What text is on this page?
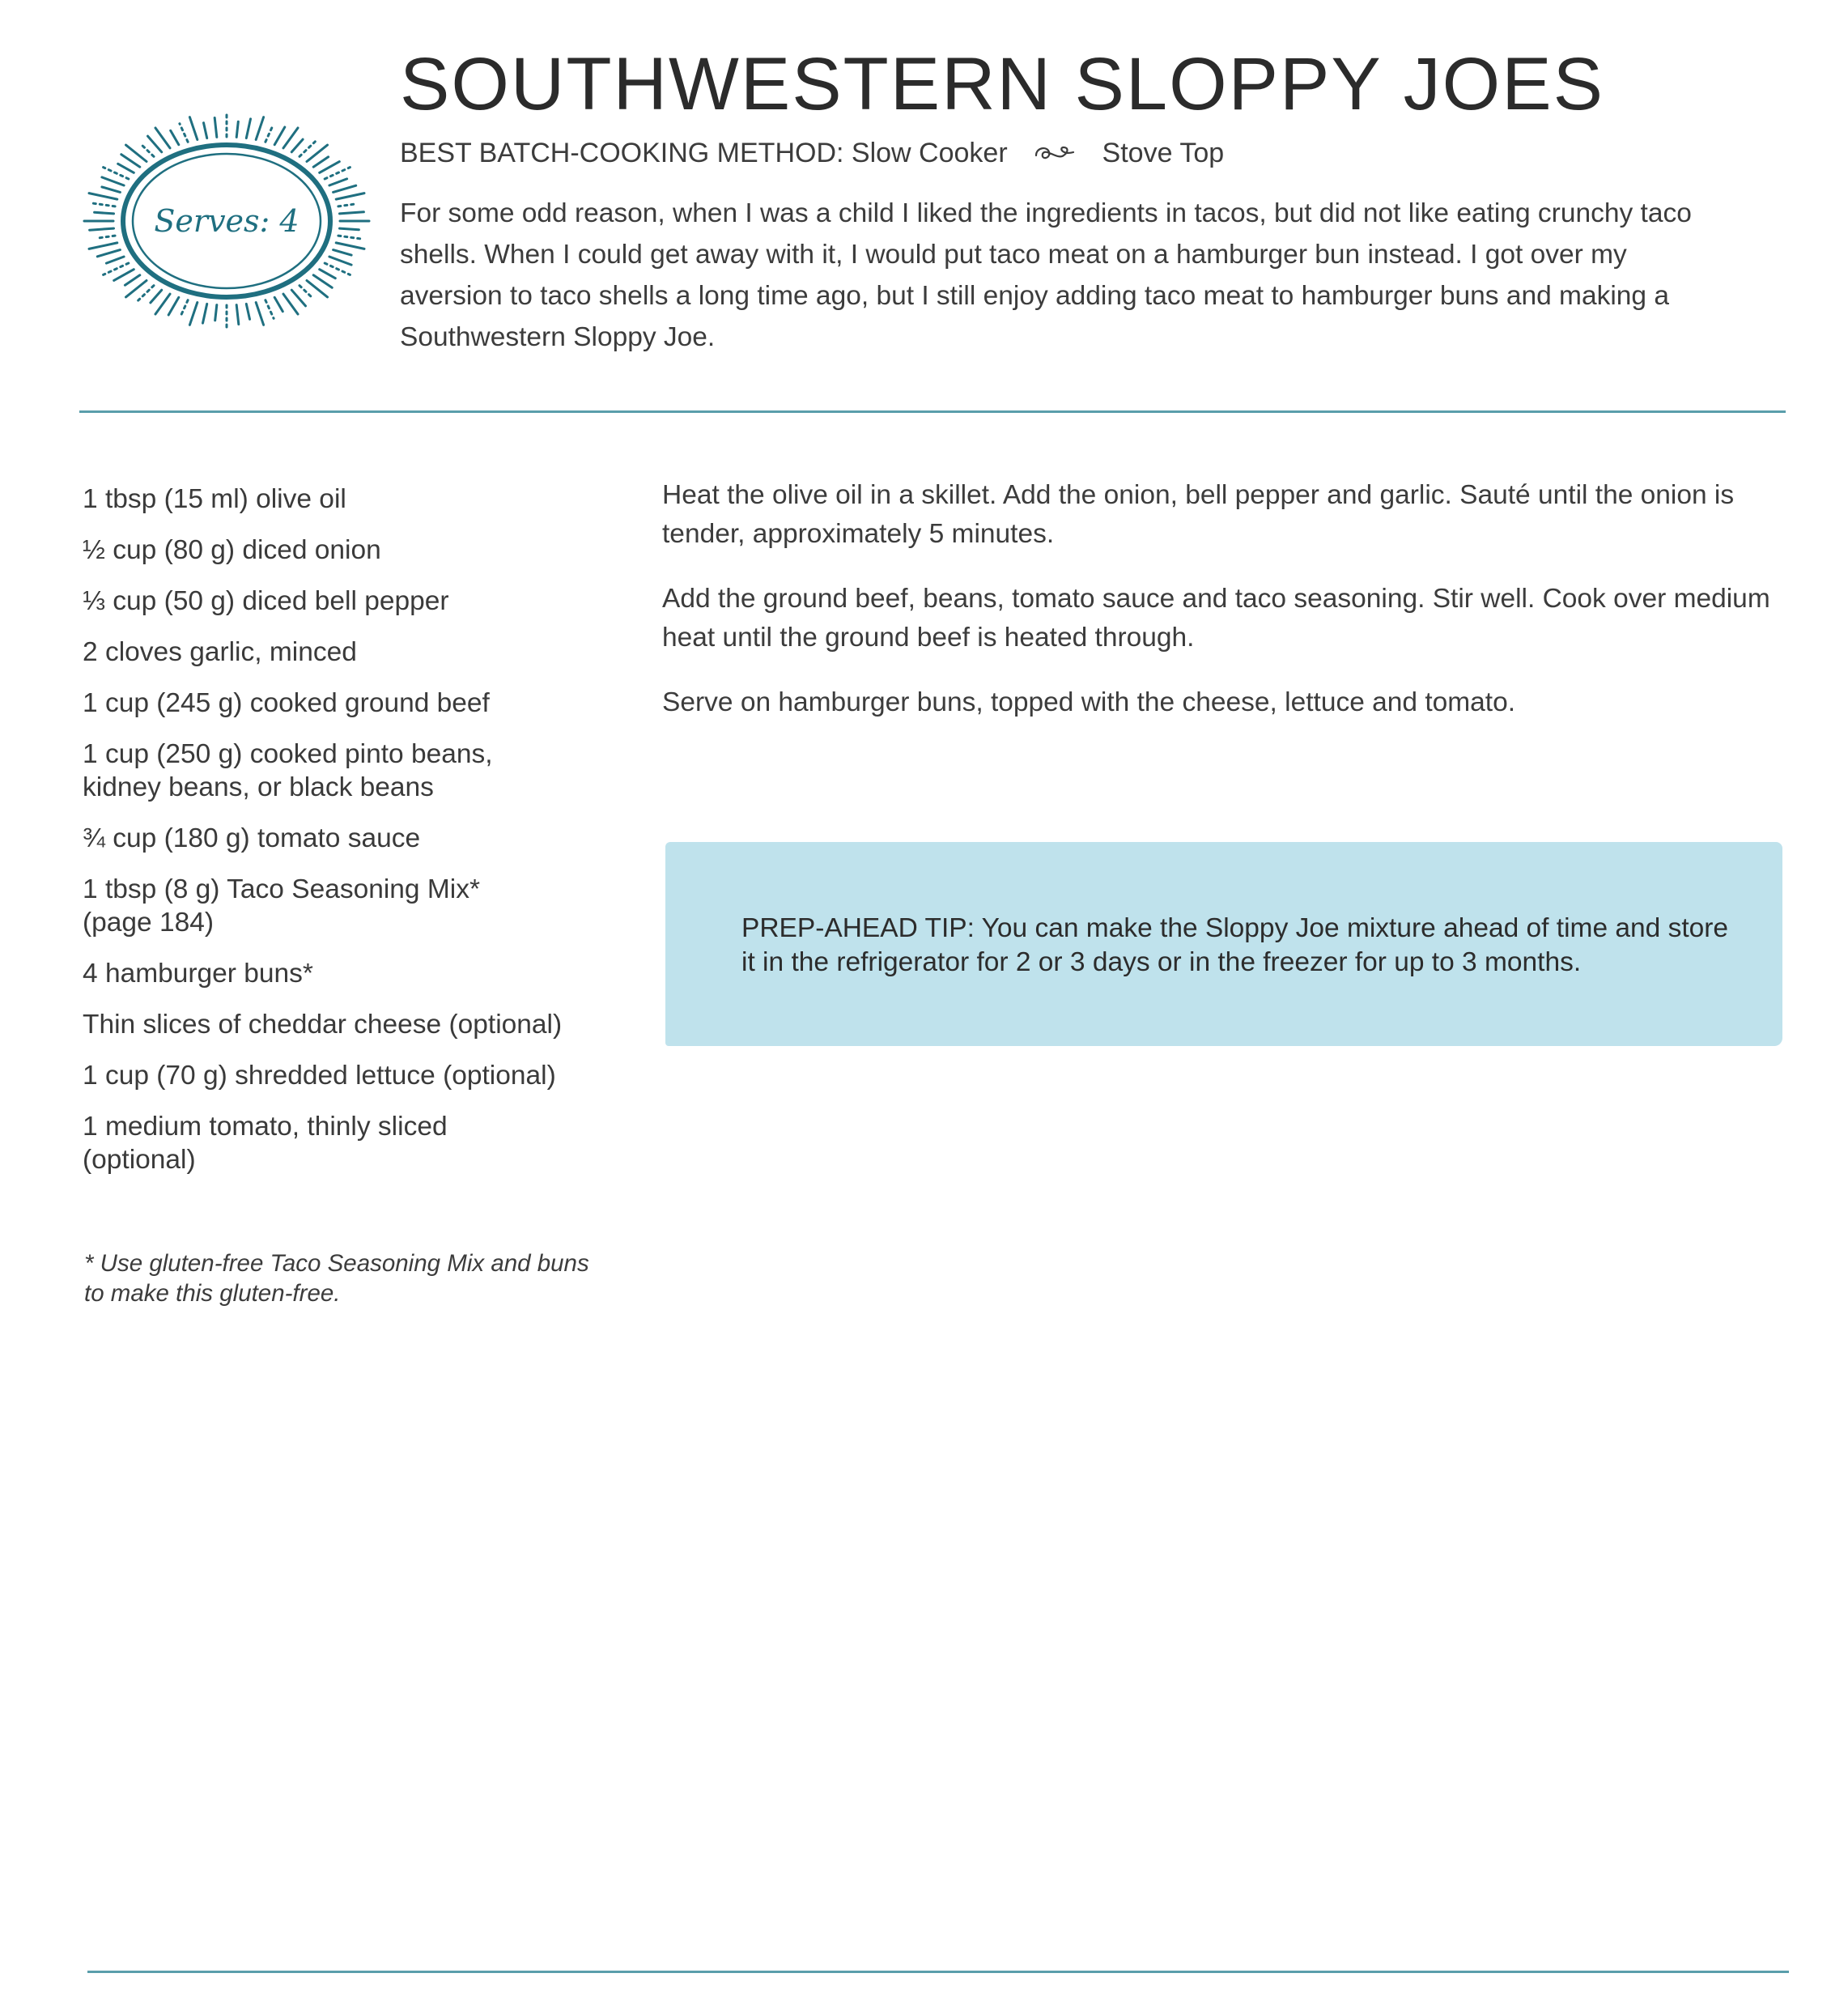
Serves: 4
SOUTHWESTERN SLOPPY JOES
BEST BATCH-COOKING METHOD: Slow Cooker	Stove Top
For some odd reason, when I was a child I liked the ingredients in tacos, but did not like eating crunchy taco shells. When I could get away with it, I would put taco meat on a hamburger bun instead. I got over my aversion to taco shells a long time ago, but I still enjoy adding taco meat to hamburger buns and making a Southwestern Sloppy Joe.
1 tbsp (15 ml) olive oil
½ cup (80 g) diced onion
⅓ cup (50 g) diced bell pepper
2 cloves garlic, minced
1 cup (245 g) cooked ground beef
1 cup (250 g) cooked pinto beans, kidney beans, or black beans
¾ cup (180 g) tomato sauce
1 tbsp (8 g) Taco Seasoning Mix* (page 184)
4 hamburger buns*
Thin slices of cheddar cheese (optional)
1 cup (70 g) shredded lettuce (optional)
1 medium tomato, thinly sliced (optional)
* Use gluten-free Taco Seasoning Mix and buns to make this gluten-free.

Heat the olive oil in a skillet. Add the onion, bell pepper and garlic. Sauté until the onion is tender, approximately 5 minutes.

Add the ground beef, beans, tomato sauce and taco seasoning. Stir well. Cook over medium heat until the ground beef is heated through.

Serve on hamburger buns, topped with the cheese, lettuce and tomato.

PREP-AHEAD TIP: You can make the Sloppy Joe mixture ahead of time and store it in the refrigerator for 2 or 3 days or in the freezer for up to 3 months.
